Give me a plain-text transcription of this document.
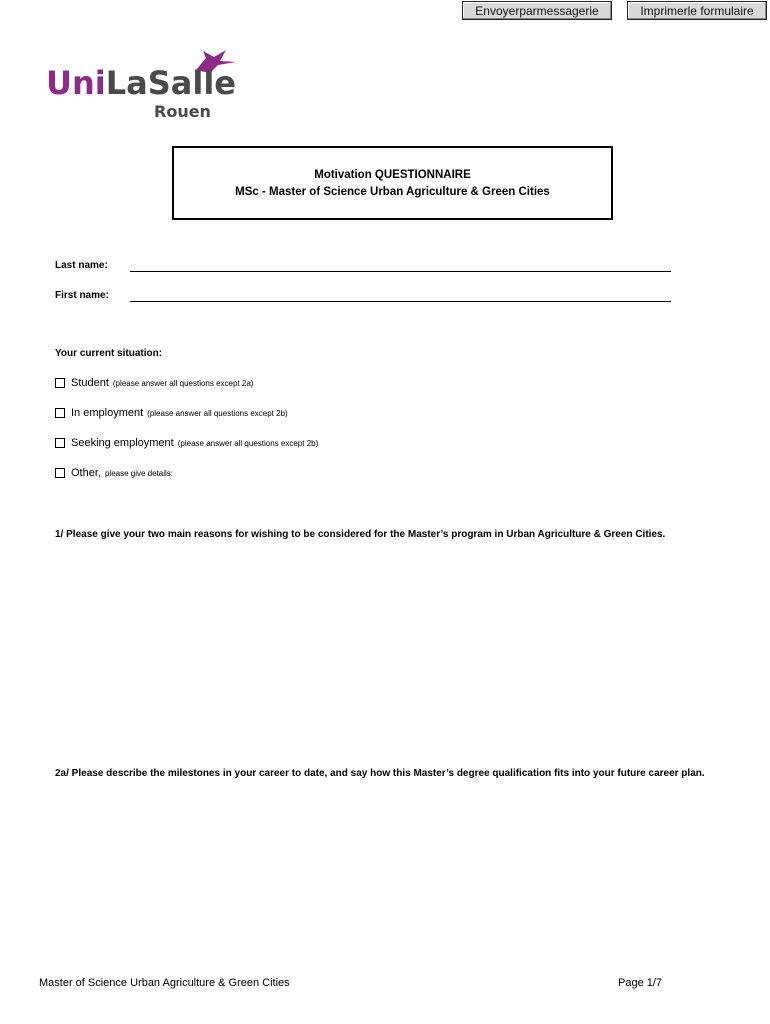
Envoyerparmessagerie	Imprimerle formulaire
UniLaSalle
Rouen
Motivation QUESTIONNAIRE
MSc - Master of Science Urban Agriculture & Green Cities
Last name:
First name:
Your current situation:
Student (please answer all questions except 2a)
In employment (please answer all questions except 2b)
Seeking employment (please answer all questions except 2b)
Other, please give details:
1/ Please give your two main reasons for wishing to be considered for the Master’s program in Urban Agriculture & Green Cities.
2a/ Please describe the milestones in your career to date, and say how this Master’s degree qualification fits into your future career plan.
Master of Science Urban Agriculture & Green Cities	Page 1/7
